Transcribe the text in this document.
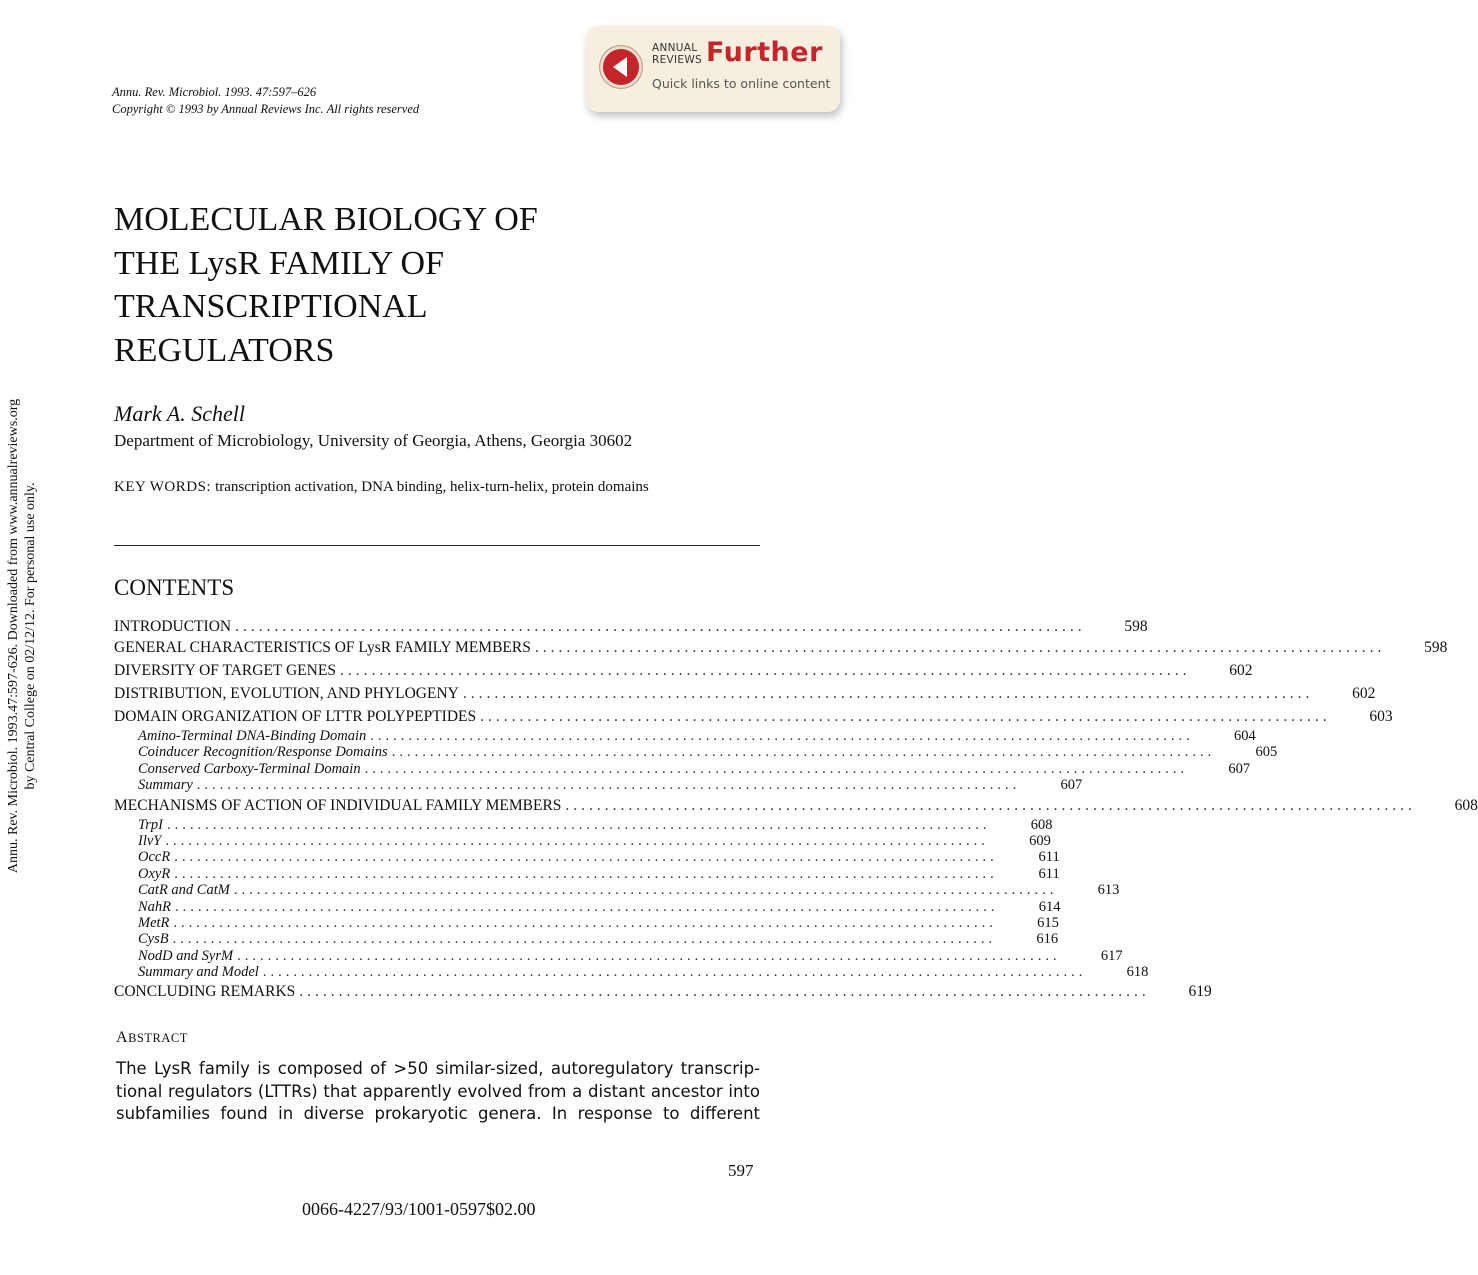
Annu. Rev. Microbiol. 1993. 47:597–626
Copyright © 1993 by Annual Reviews Inc. All rights reserved
ANNUAL
REVIEWS Further
Quick links to online content
Annu. Rev. Microbiol. 1993.47:597-626. Downloaded from www.annualreviews.org by Central College on 02/12/12. For personal use only.
MOLECULAR BIOLOGY OF
THE LysR FAMILY OF
TRANSCRIPTIONAL
REGULATORS
Mark A. Schell
Department of Microbiology, University of Georgia, Athens, Georgia 30602
KEY WORDS: transcription activation, DNA binding, helix-turn-helix, protein domains
CONTENTS
INTRODUCTION ............................................................................................................	598
GENERAL CHARACTERISTICS OF LysR FAMILY MEMBERS ............................................................................................................	598
DIVERSITY OF TARGET GENES ............................................................................................................	602
DISTRIBUTION, EVOLUTION, AND PHYLOGENY ............................................................................................................	602
DOMAIN ORGANIZATION OF LTTR POLYPEPTIDES ............................................................................................................	603
Amino-Terminal DNA-Binding Domain ............................................................................................................	604
Coinducer Recognition/Response Domains ............................................................................................................	605
Conserved Carboxy-Terminal Domain ............................................................................................................	607
Summary ............................................................................................................	607
MECHANISMS OF ACTION OF INDIVIDUAL FAMILY MEMBERS ............................................................................................................	608
TrpI ............................................................................................................	608
IlvY ............................................................................................................	609
OccR ............................................................................................................	611
OxyR ............................................................................................................	611
CatR and CatM ............................................................................................................	613
NahR ............................................................................................................	614
MetR ............................................................................................................	615
CysB ............................................................................................................	616
NodD and SyrM ............................................................................................................	617
Summary and Model ............................................................................................................	618
CONCLUDING REMARKS ............................................................................................................	619
ABSTRACT
The LysR family is composed of >50 similar-sized, autoregulatory transcrip-
tional regulators (LTTRs) that apparently evolved from a distant ancestor into
subfamilies found in diverse prokaryotic genera. In response to different
597
0066-4227/93/1001-0597$02.00
